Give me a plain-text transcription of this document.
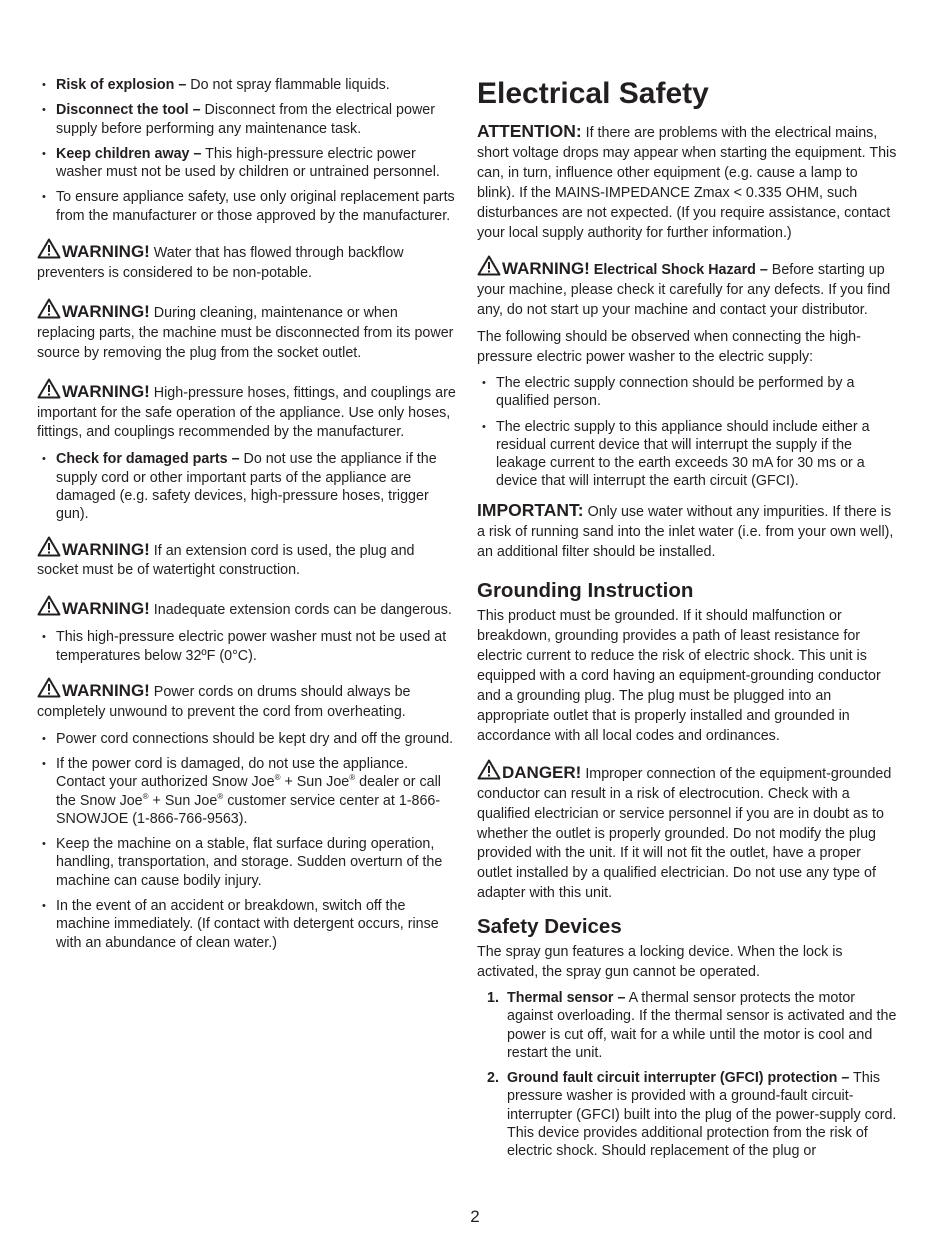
• Risk of explosion – Do not spray flammable liquids.
• Disconnect the tool – Disconnect from the electrical power supply before performing any maintenance task.
• Keep children away – This high-pressure electric power washer must not be used by children or untrained personnel.
• To ensure appliance safety, use only original replacement parts from the manufacturer or those approved by the manufacturer.

WARNING! Water that has flowed through backflow preventers is considered to be non-potable.

WARNING! During cleaning, maintenance or when replacing parts, the machine must be disconnected from its power source by removing the plug from the socket outlet.

WARNING! High-pressure hoses, fittings, and couplings are important for the safe operation of the appliance. Use only hoses, fittings, and couplings recommended by the manufacturer.

• Check for damaged parts – Do not use the appliance if the supply cord or other important parts of the appliance are damaged (e.g. safety devices, high-pressure hoses, trigger gun).

WARNING! If an extension cord is used, the plug and socket must be of watertight construction.

WARNING! Inadequate extension cords can be dangerous.

• This high-pressure electric power washer must not be used at temperatures below 32ºF (0°C).

WARNING! Power cords on drums should always be completely unwound to prevent the cord from overheating.

• Power cord connections should be kept dry and off the ground.
• If the power cord is damaged, do not use the appliance. Contact your authorized Snow Joe® + Sun Joe® dealer or call the Snow Joe® + Sun Joe® customer service center at 1-866-SNOWJOE (1-866-766-9563).
• Keep the machine on a stable, flat surface during operation, handling, transportation, and storage. Sudden overturn of the machine can cause bodily injury.
• In the event of an accident or breakdown, switch off the machine immediately. (If contact with detergent occurs, rinse with an abundance of clean water.)
Electrical Safety

ATTENTION: If there are problems with the electrical mains, short voltage drops may appear when starting the equipment. This can, in turn, influence other equipment (e.g. cause a lamp to blink). If the MAINS-IMPEDANCE Zmax < 0.335 OHM, such disturbances are not expected. (If you require assistance, contact your local supply authority for further information.)

WARNING! Electrical Shock Hazard – Before starting up your machine, please check it carefully for any defects. If you find any, do not start up your machine and contact your distributor.

The following should be observed when connecting the high-pressure electric power washer to the electric supply:

• The electric supply connection should be performed by a qualified person.
• The electric supply to this appliance should include either a residual current device that will interrupt the supply if the leakage current to the earth exceeds 30 mA for 30 ms or a device that will interrupt the earth circuit (GFCI).

IMPORTANT: Only use water without any impurities. If there is a risk of running sand into the inlet water (i.e. from your own well), an additional filter should be installed.

Grounding Instruction

This product must be grounded. If it should malfunction or breakdown, grounding provides a path of least resistance for electric current to reduce the risk of electric shock. This unit is equipped with a cord having an equipment-grounding conductor and a grounding plug. The plug must be plugged into an appropriate outlet that is properly installed and grounded in accordance with all local codes and ordinances.

DANGER! Improper connection of the equipment-grounded conductor can result in a risk of electrocution. Check with a qualified electrician or service personnel if you are in doubt as to whether the outlet is properly grounded. Do not modify the plug provided with the unit. If it will not fit the outlet, have a proper outlet installed by a qualified electrician. Do not use any type of adapter with this unit.

Safety Devices

The spray gun features a locking device. When the lock is activated, the spray gun cannot be operated.

1. Thermal sensor – A thermal sensor protects the motor against overloading. If the thermal sensor is activated and the power is cut off, wait for a while until the motor is cool and restart the unit.
2. Ground fault circuit interrupter (GFCI) protection – This pressure washer is provided with a ground-fault circuit-interrupter (GFCI) built into the plug of the power-supply cord. This device provides additional protection from the risk of electric shock. Should replacement of the plug or
2
